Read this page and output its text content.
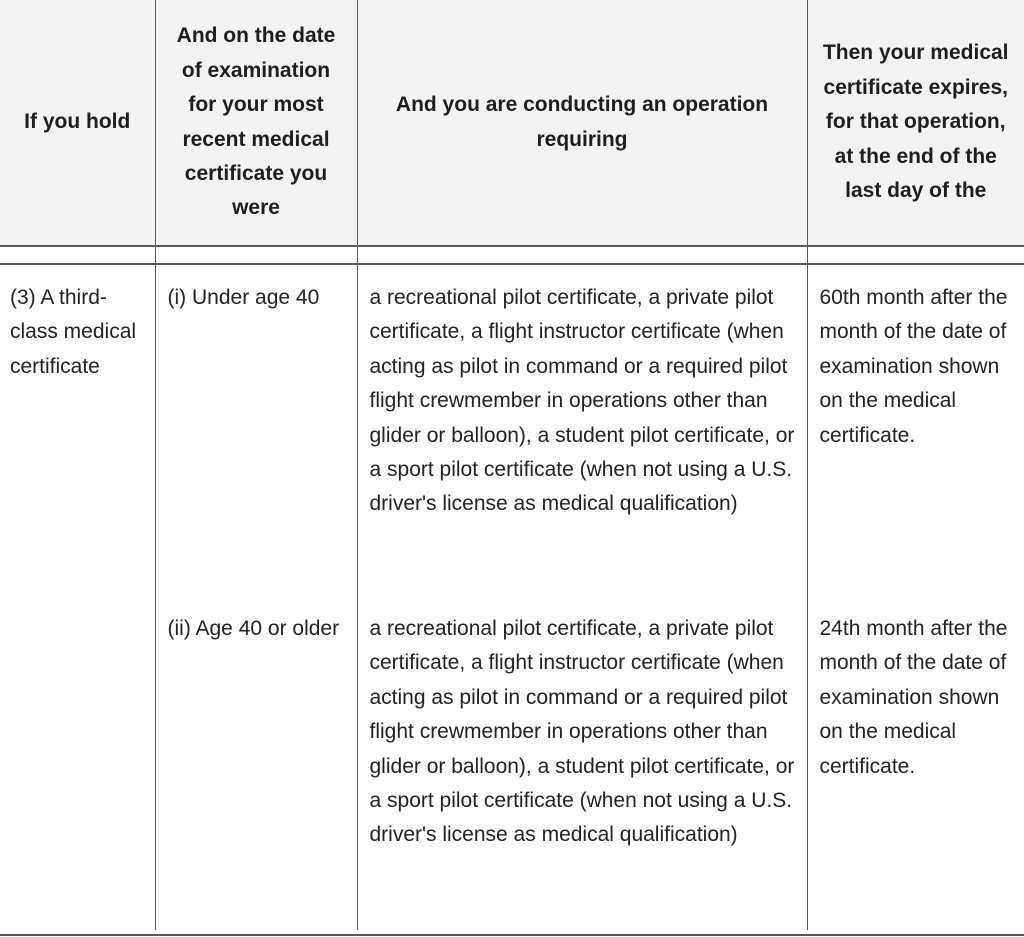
If you hold	And on the date of examination for your most recent medical certificate you were	And you are conducting an operation requiring	Then your medical certificate expires, for that operation, at the end of the last day of the

(3) A third-class medical certificate	(i) Under age 40	a recreational pilot certificate, a private pilot certificate, a flight instructor certificate (when acting as pilot in command or a required pilot flight crewmember in operations other than glider or balloon), a student pilot certificate, or a sport pilot certificate (when not using a U.S. driver's license as medical qualification)	60th month after the month of the date of examination shown on the medical certificate.
	(ii) Age 40 or older	a recreational pilot certificate, a private pilot certificate, a flight instructor certificate (when acting as pilot in command or a required pilot flight crewmember in operations other than glider or balloon), a student pilot certificate, or a sport pilot certificate (when not using a U.S. driver's license as medical qualification)	24th month after the month of the date of examination shown on the medical certificate.
